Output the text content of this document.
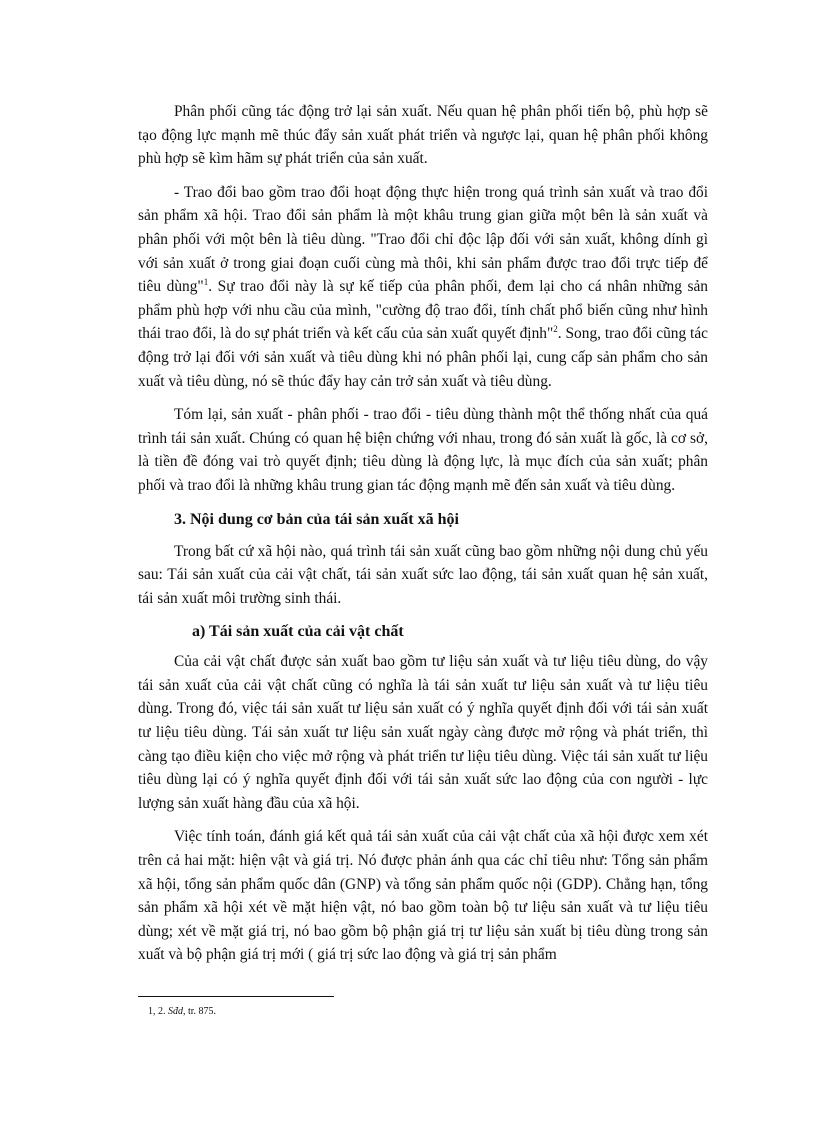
Phân phối cũng tác động trở lại sản xuất. Nếu quan hệ phân phối tiến bộ, phù hợp sẽ tạo động lực mạnh mẽ thúc đẩy sản xuất phát triển và ngược lại, quan hệ phân phối không phù hợp sẽ kìm hãm sự phát triển của sản xuất.

- Trao đổi bao gồm trao đổi hoạt động thực hiện trong quá trình sản xuất và trao đổi sản phẩm xã hội. Trao đổi sản phẩm là một khâu trung gian giữa một bên là sản xuất và phân phối với một bên là tiêu dùng. "Trao đổi chỉ độc lập đối với sản xuất, không dính gì với sản xuất ở trong giai đoạn cuối cùng mà thôi, khi sản phẩm được trao đổi trực tiếp để tiêu dùng"$^1$. Sự trao đổi này là sự kế tiếp của phân phối, đem lại cho cá nhân những sản phẩm phù hợp với nhu cầu của mình, "cường độ trao đổi, tính chất phổ biến cũng như hình thái trao đổi, là do sự phát triển và kết cấu của sản xuất quyết định"$^2$. Song, trao đổi cũng tác động trở lại đối với sản xuất và tiêu dùng khi nó phân phối lại, cung cấp sản phẩm cho sản xuất và tiêu dùng, nó sẽ thúc đẩy hay cản trở sản xuất và tiêu dùng.

Tóm lại, sản xuất - phân phối - trao đổi - tiêu dùng thành một thể thống nhất của quá trình tái sản xuất. Chúng có quan hệ biện chứng với nhau, trong đó sản xuất là gốc, là cơ sở, là tiền đề đóng vai trò quyết định; tiêu dùng là động lực, là mục đích của sản xuất; phân phối và trao đổi là những khâu trung gian tác động mạnh mẽ đến sản xuất và tiêu dùng.

3. Nội dung cơ bản của tái sản xuất xã hội

Trong bất cứ xã hội nào, quá trình tái sản xuất cũng bao gồm những nội dung chủ yếu sau: Tái sản xuất của cải vật chất, tái sản xuất sức lao động, tái sản xuất quan hệ sản xuất, tái sản xuất môi trường sinh thái.

a) Tái sản xuất của cải vật chất

Của cải vật chất được sản xuất bao gồm tư liệu sản xuất và tư liệu tiêu dùng, do vậy tái sản xuất của cải vật chất cũng có nghĩa là tái sản xuất tư liệu sản xuất và tư liệu tiêu dùng. Trong đó, việc tái sản xuất tư liệu sản xuất có ý nghĩa quyết định đối với tái sản xuất tư liệu tiêu dùng. Tái sản xuất tư liệu sản xuất ngày càng được mở rộng và phát triển, thì càng tạo điều kiện cho việc mở rộng và phát triển tư liệu tiêu dùng. Việc tái sản xuất tư liệu tiêu dùng lại có ý nghĩa quyết định đối với tái sản xuất sức lao động của con người - lực lượng sản xuất hàng đầu của xã hội.

Việc tính toán, đánh giá kết quả tái sản xuất của cải vật chất của xã hội được xem xét trên cả hai mặt: hiện vật và giá trị. Nó được phản ánh qua các chỉ tiêu như: Tổng sản phẩm xã hội, tổng sản phẩm quốc dân (GNP) và tổng sản phẩm quốc nội (GDP). Chẳng hạn, tổng sản phẩm xã hội xét về mặt hiện vật, nó bao gồm toàn bộ tư liệu sản xuất và tư liệu tiêu dùng; xét về mặt giá trị, nó bao gồm bộ phận giá trị tư liệu sản xuất bị tiêu dùng trong sản xuất và bộ phận giá trị mới ( giá trị sức lao động và giá trị sản phẩm

1, 2. Sđd, tr. 875.
